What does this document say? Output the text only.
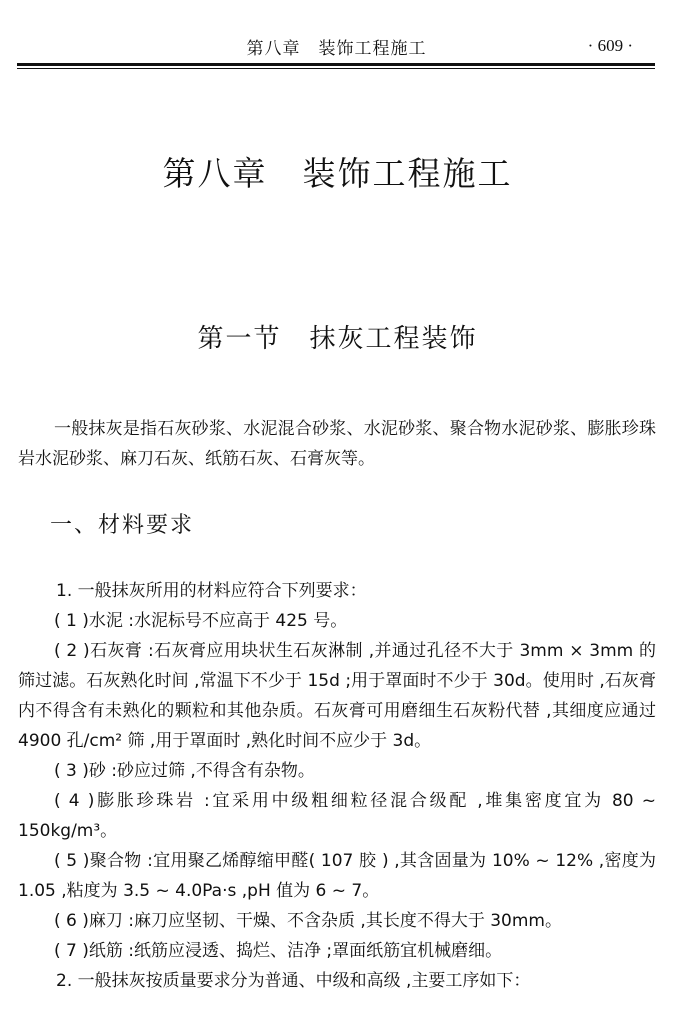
第八章　装饰工程施工	· 609 ·
第八章　装饰工程施工
第一节　抹灰工程装饰

一般抹灰是指石灰砂浆、水泥混合砂浆、水泥砂浆、聚合物水泥砂浆、膨胀珍珠岩水泥砂浆、麻刀石灰、纸筋石灰、石膏灰等。

一、材料要求

1. 一般抹灰所用的材料应符合下列要求：

( 1 )水泥 :水泥标号不应高于 425 号。

( 2 )石灰膏 :石灰膏应用块状生石灰淋制 ,并通过孔径不大于 3mm × 3mm 的筛过滤。石灰熟化时间 ,常温下不少于 15d ;用于罩面时不少于 30d。使用时 ,石灰膏内不得含有未熟化的颗粒和其他杂质。石灰膏可用磨细生石灰粉代替 ,其细度应通过 4900 孔/cm² 筛 ,用于罩面时 ,熟化时间不应少于 3d。

( 3 )砂 :砂应过筛 ,不得含有杂物。

( 4 )膨胀珍珠岩 :宜采用中级粗细粒径混合级配 ,堆集密度宜为 80 ~ 150kg/m³。

( 5 )聚合物 :宜用聚乙烯醇缩甲醛( 107 胶 ) ,其含固量为 10% ~ 12% ,密度为 1.05 ,粘度为 3.5 ~ 4.0Pa·s ,pH 值为 6 ~ 7。

( 6 )麻刀 :麻刀应坚韧、干燥、不含杂质 ,其长度不得大于 30mm。

( 7 )纸筋 :纸筋应浸透、捣烂、洁净 ;罩面纸筋宜机械磨细。

2. 一般抹灰按质量要求分为普通、中级和高级 ,主要工序如下：
